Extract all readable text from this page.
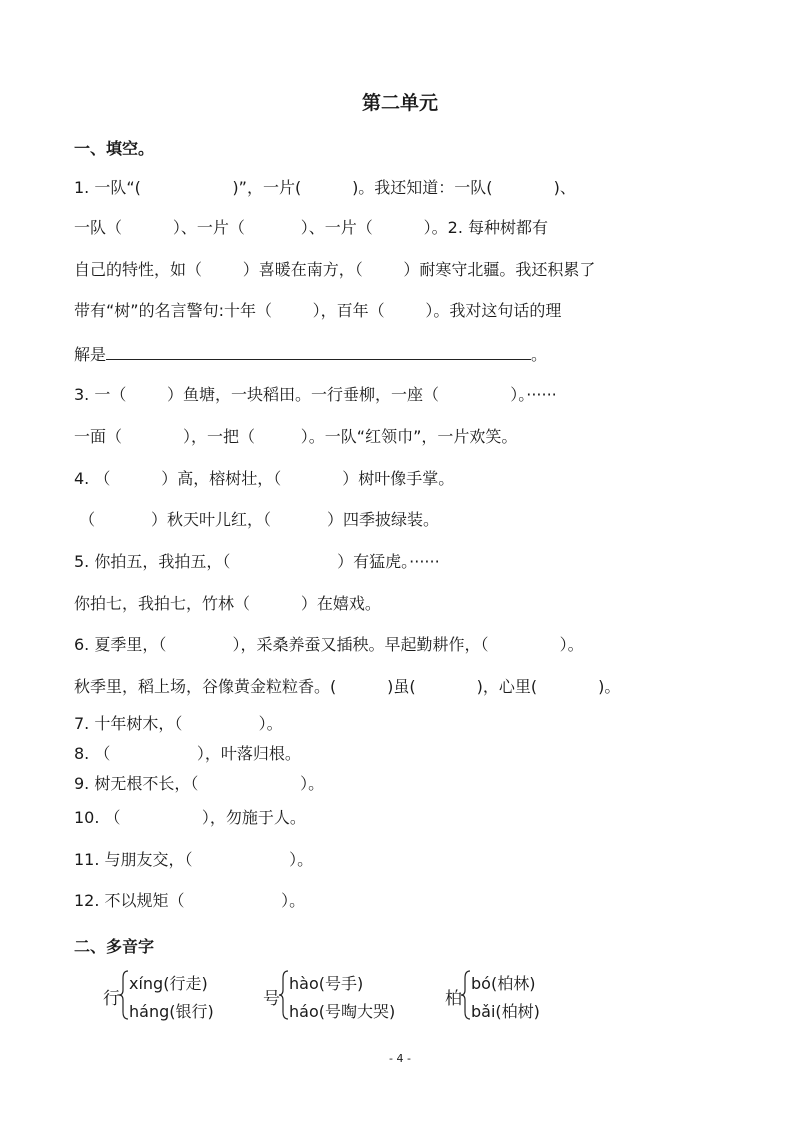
第二单元
一、填空。
1. 一队“(                  )”，一片(          )。我还知道：一队(            )、
一队（          ）、一片（           ）、一片（          ）。2. 每种树都有
自己的特性，如（        ）喜暖在南方，（        ）耐寒守北疆。我还积累了
带有“树”的名言警句:十年（        ），百年（        ）。我对这句话的理
解是	。
3. 一（        ）鱼塘，一块稻田。一行垂柳，一座（              ）。······
一面（            ），一把（         ）。一队“红领巾”，一片欢笑。
4. （          ）高，榕树壮，（            ）树叶像手掌。
（           ）秋天叶儿红，（           ）四季披绿装。
5. 你拍五，我拍五，（                     ）有猛虎。······
你拍七，我拍七，竹林（          ）在嬉戏。
6. 夏季里，（             ），采桑养蚕又插秧。早起勤耕作，（              ）。
秋季里，稻上场，谷像黄金粒粒香。(          )虽(            )，心里(            )。
7. 十年树木，（               ）。
8. （                 ），叶落归根。
9. 树无根不长，（                    ）。
10. （                ），勿施于人。
11. 与朋友交，（                   ）。
12. 不以规矩（                   ）。
二、多音字
行
xíng(行走)
háng(银行)
号
hào(号手)
háo(号啕大哭)
柏
bó(柏林)
bǎi(柏树)
- 4 -
